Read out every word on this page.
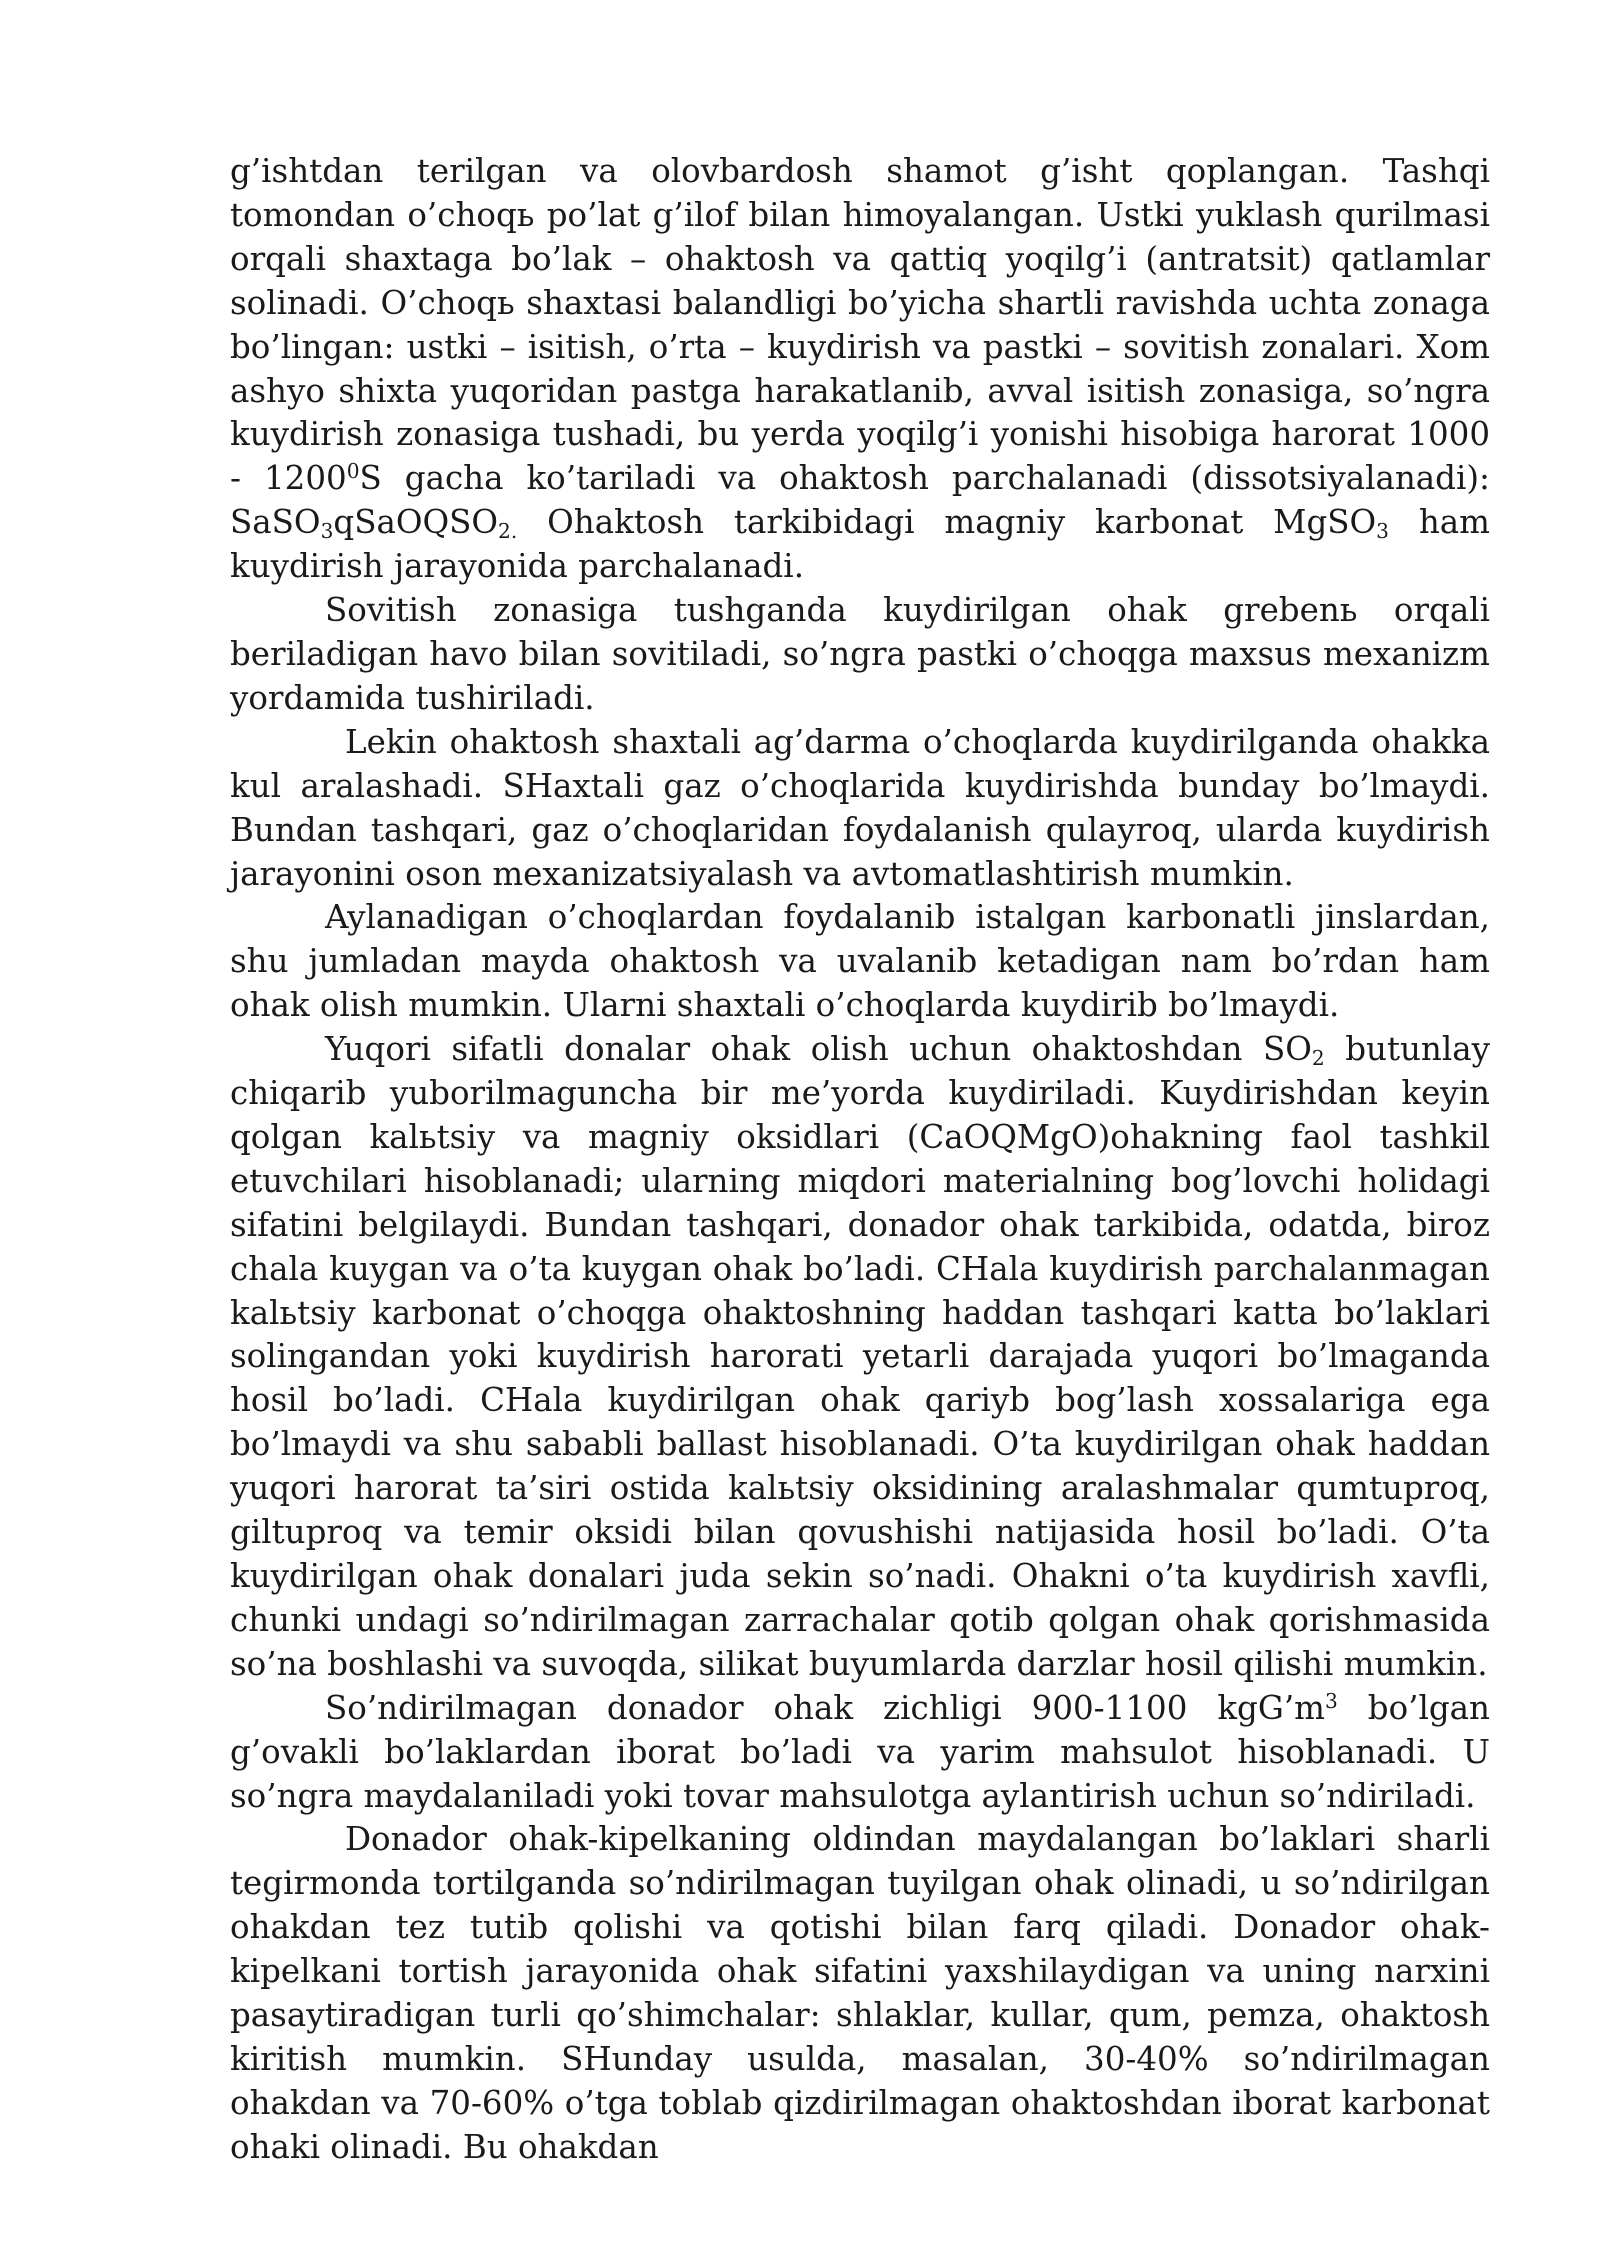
g’ishtdan terilgan va olovbardosh shamot g’isht qoplangan. Tashqi tomondan o’choqь po’lat g’ilof bilan himoyalangan. Ustki yuklash qurilmasi orqali shaxtaga bo’lak – ohaktosh va qattiq yoqilg’i (antratsit) qatlamlar solinadi. O’choqь shaxtasi balandligi bo’yicha shartli ravishda uchta zonaga bo’lingan: ustki – isitish, o’rta – kuydirish va pastki – sovitish zonalari. Xom ashyo shixta yuqoridan pastga harakatlanib, avval isitish zonasiga, so’ngra kuydirish zonasiga tushadi, bu yerda yoqilg’i yonishi hisobiga harorat 1000 - 1200$^0$S gacha ko’tariladi va ohaktosh parchalanadi (dissotsiyalanadi): SaSO$_3$qSaOQSO$_{2.}$ Ohaktosh tarkibidagi magniy karbonat MgSO$_3$ ham kuydirish jarayonida parchalanadi.

Sovitish zonasiga tushganda kuydirilgan ohak grebenь orqali beriladigan havo bilan sovitiladi, so’ngra pastki o’choqga maxsus mexanizm yordamida tushiriladi.

Lekin ohaktosh shaxtali ag’darma o’choqlarda kuydirilganda ohakka kul aralashadi. SHaxtali gaz o’choqlarida kuydirishda bunday bo’lmaydi. Bundan tashqari, gaz o’choqlaridan foydalanish qulayroq, ularda kuydirish jarayonini oson mexanizatsiyalash va avtomatlashtirish mumkin.

Aylanadigan o’choqlardan foydalanib istalgan karbonatli jinslardan, shu jumladan mayda ohaktosh va uvalanib ketadigan nam bo’rdan ham ohak olish mumkin. Ularni shaxtali o’choqlarda kuydirib bo’lmaydi.

Yuqori sifatli donalar ohak olish uchun ohaktoshdan $SO_2$ butunlay chiqarib yuborilmaguncha bir me’yorda kuydiriladi. Kuydirishdan keyin qolgan kalьtsiy va magniy oksidlari (CaOQMgO)ohakning faol tashkil etuvchilari hisoblanadi; ularning miqdori materialning bog’lovchi holidagi sifatini belgilaydi. Bundan tashqari, donador ohak tarkibida, odatda, biroz chala kuygan va o’ta kuygan ohak bo’ladi. CHala kuydirish parchalanmagan kalьtsiy karbonat o’choqga ohaktoshning haddan tashqari katta bo’laklari solingandan yoki kuydirish harorati yetarli darajada yuqori bo’lmaganda hosil bo’ladi. CHala kuydirilgan ohak qariyb bog’lash xossalariga ega bo’lmaydi va shu sababli ballast hisoblanadi. O’ta kuydirilgan ohak haddan yuqori harorat ta’siri ostida kalьtsiy oksidining aralashmalar qumtuproq, giltuproq va temir oksidi bilan qovushishi natijasida hosil bo’ladi. O’ta kuydirilgan ohak donalari juda sekin so’nadi. Ohakni o’ta kuydirish xavfli, chunki undagi so’ndirilmagan zarrachalar qotib qolgan ohak qorishmasida so’na boshlashi va suvoqda, silikat buyumlarda darzlar hosil qilishi mumkin.

So’ndirilmagan donador ohak zichligi 900-1100 $kgG’m^3$ bo’lgan g’ovakli bo’laklardan iborat bo’ladi va yarim mahsulot hisoblanadi. U so’ngra maydalaniladi yoki tovar mahsulotga aylantirish uchun so’ndiriladi.

Donador ohak-kipelkaning oldindan maydalangan bo’laklari sharli tegirmonda tortilganda so’ndirilmagan tuyilgan ohak olinadi, u so’ndirilgan ohakdan tez tutib qolishi va qotishi bilan farq qiladi. Donador ohak-kipelkani tortish jarayonida ohak sifatini yaxshilaydigan va uning narxini pasaytiradigan turli qo’shimchalar: shlaklar, kullar, qum, pemza, ohaktosh kiritish mumkin. SHunday usulda, masalan, 30-40% so’ndirilmagan ohakdan va 70-60% o’tga toblab qizdirilmagan ohaktoshdan iborat karbonat ohaki olinadi. Bu ohakdan
